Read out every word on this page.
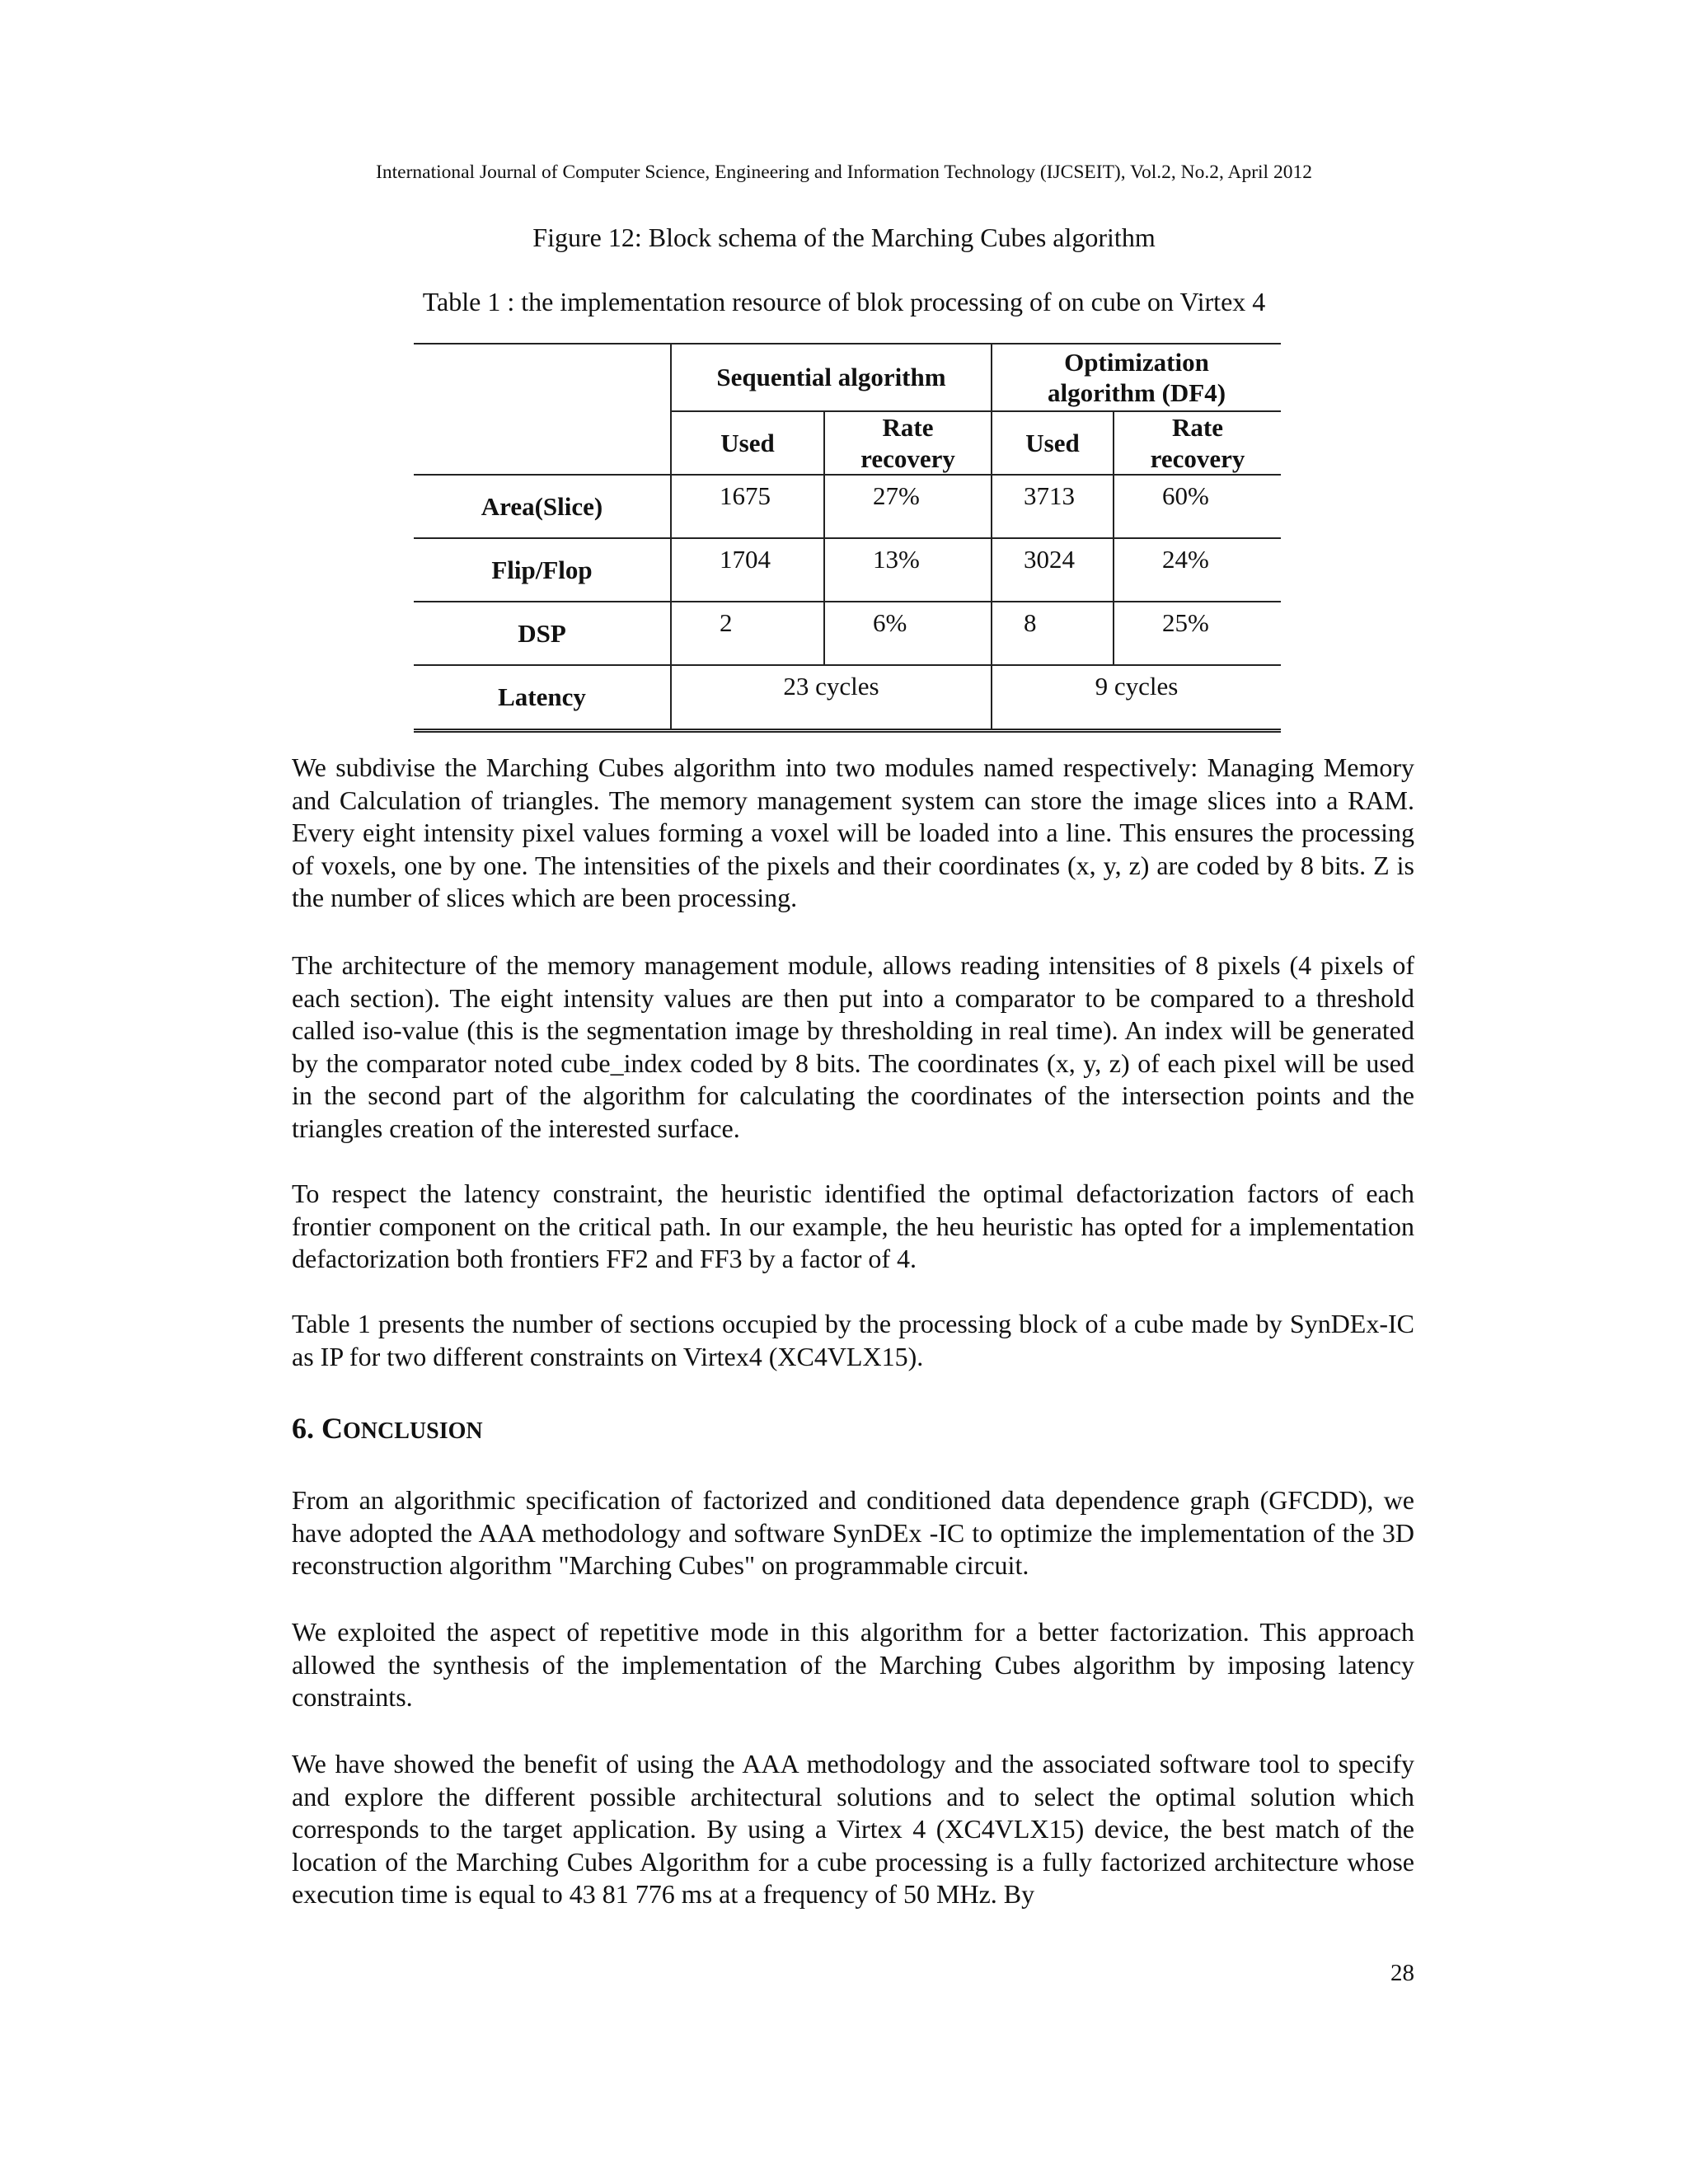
International Journal of Computer Science, Engineering and Information Technology (IJCSEIT), Vol.2, No.2, April 2012
Figure 12: Block schema of the Marching Cubes algorithm
Table 1 : the implementation resource of blok processing of on cube on Virtex 4
	Sequential algorithm		Optimization algorithm (DF4)	
	Used	Rate recovery	Used	Rate recovery
Area(Slice)	1675	27%	3713	60%
Flip/Flop	1704	13%	3024	24%
DSP	2	6%	8	25%
Latency	23 cycles		9 cycles	

We subdivise the Marching Cubes algorithm into two modules named respectively: Managing Memory and Calculation of triangles. The memory management system can store the image slices into a RAM. Every eight intensity pixel values forming a voxel will be loaded into a line. This ensures the processing of voxels, one by one. The intensities of the pixels and their coordinates (x, y, z) are coded by 8 bits. Z is the number of slices which are been processing.

The architecture of the memory management module, allows reading intensities of 8 pixels (4 pixels of each section). The eight intensity values are then put into a comparator to be compared to a threshold called iso-value (this is the segmentation image by thresholding in real time). An index will be generated by the comparator noted cube_index coded by 8 bits. The coordinates (x, y, z) of each pixel will be used in the second part of the algorithm for calculating the coordinates of the intersection points and the triangles creation of the interested surface.

To respect the latency constraint, the heuristic identified the optimal defactorization factors of each frontier component on the critical path. In our example, the heu heuristic has opted for a implementation defactorization both frontiers FF2 and FF3 by a factor of 4.

Table 1 presents the number of sections occupied by the processing block of a cube made by SynDEx-IC as IP for two different constraints on Virtex4 (XC4VLX15).

6. CONCLUSION

From an algorithmic specification of factorized and conditioned data dependence graph (GFCDD), we have adopted the AAA methodology and software SynDEx -IC to optimize the implementation of the 3D reconstruction algorithm "Marching Cubes" on programmable circuit.

We exploited the aspect of repetitive mode in this algorithm for a better factorization. This approach allowed the synthesis of the implementation of the Marching Cubes algorithm by imposing latency constraints.

We have showed the benefit of using the AAA methodology and the associated software tool to specify and explore the different possible architectural solutions and to select the optimal solution which corresponds to the target application. By using a Virtex 4 (XC4VLX15) device, the best match of the location of the Marching Cubes Algorithm for a cube processing is a fully factorized architecture whose execution time is equal to 43 81 776 ms at a frequency of 50 MHz. By

28
